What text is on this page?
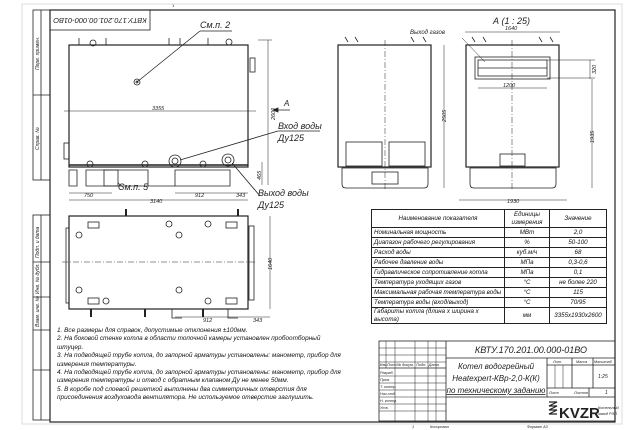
1
Перв. примен.
Справ. №
Подп. и дата
Инв. № дубл.
Взам. инв. №
КВТУ.170.201.00.000-01ВО	См.п. 2
См.п. 5
А
Вход воды
Ду125
Выход воды
Ду125
3355	2600
465
750
3140
912	343
2505
А (1 : 25)
Выход газов
1640
1200
320
1935
1930
1640
912	343
KVZR
КВТУ.170.201.00.000-01ВО
Котел водогрейный
Heatexpert-КВр-2,0-К(К)
по техническому заданию
Изм Лист № докум. Подп. Дата
Разраб.
Пров.
Т. контр.
Нач.отд.
Н. контр.
Утв.
Лит.	Масса Масштаб
Лист	Листов
Котельный
завод РЭП
Копировал	Формат А3
1
1:25
1
Наименование показателя	Единицы измерения	Значение
Номинальная мощность	МВт	2,0
Диапазон рабочего регулирования	%	50-100
Расход воды	куб.м/ч	68
Рабочее давление воды	МПа	0,3-0,6
Гидравлическое сопротивление котла	МПа	0,1
Температура уходящих газов	°С	не более 220
Максимальная рабочая температура воды	°С	115
Температура воды (вход/выход)	°С	70/95
Габариты котла (длина x ширина x высота)	мм	3355x1930x2600
1. Все размеры для справок, допустимые отклонения ±100мм.
2. На боковой стенке котла в области топочной камеры установлен пробоотборный штуцер.
3. На подводящей трубе котла, до запорной арматуры установлены: манометр, прибор для измерения температуры.
4. На подводящей трубе котла, до запорной арматуры установлены: манометр, прибор для измерения температуры и отвод с обратным клапаном Ду не менее 50мм.
5. В коробе под слоевой решеткой выполнены два симметричных отверстия для присоединения воздуховода вентилятора. Не используемое отверстие заглушить.
